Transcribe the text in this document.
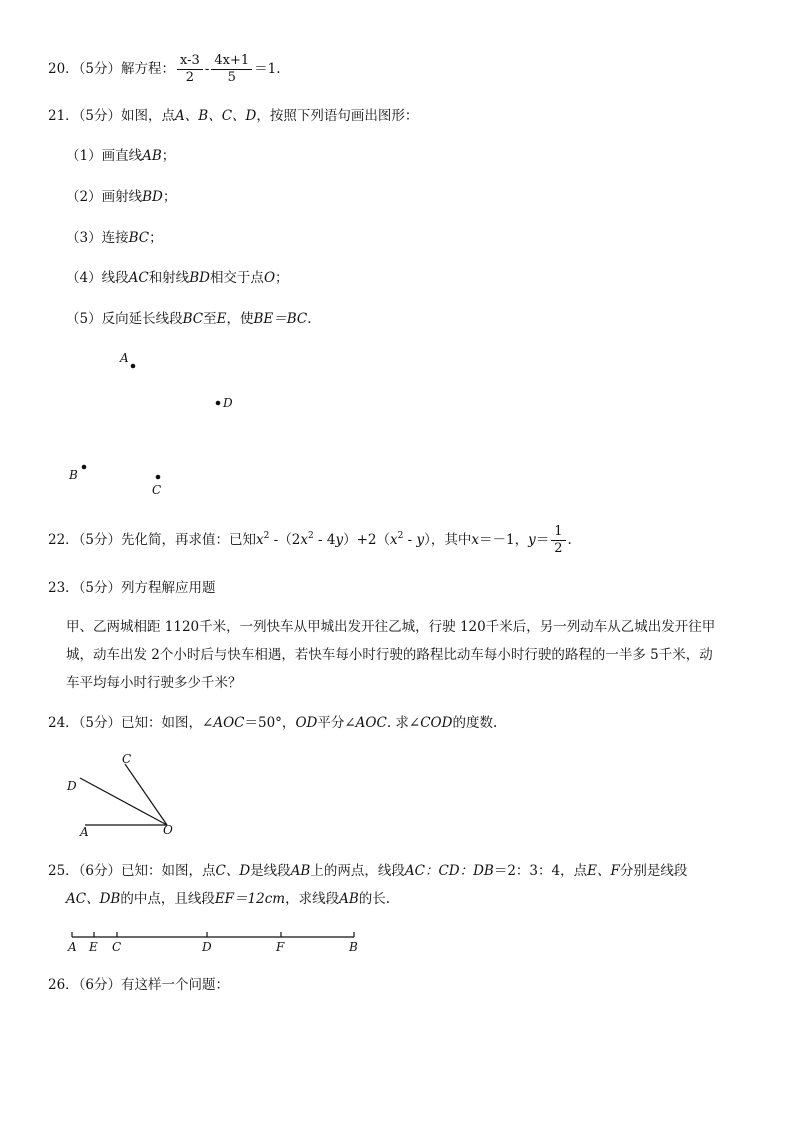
20．（5分）解方程： $\frac{x-3}{2} - \frac{4x+1}{5} =1$.
21．（5分）如图，点A、B、C、D，按照下列语句画出图形：
（1）画直线AB；
（2）画射线BD；
（3）连接BC；
（4）线段AC和射线BD相交于点O；
（5）反向延长线段BC至E，使BE＝BC.
A
D
B
C
22．（5分）先化简，再求值：已知$x^2$ $-(2x^2 - 4y)+2(x^2 - y)$，其中x＝－1，$y= \frac{1}{2}$ .
23．（5分）列方程解应用题
甲、乙两城相距 1120千米，一列快车从甲城出发开往乙城，行驶 120千米后，另一列动车从乙城出发开往甲
城，动车出发 2个小时后与快车相遇，若快车每小时行驶的路程比动车每小时行驶的路程的一半多 5千米，动
车平均每小时行驶多少千米？
24．（5分）已知：如图，∠AOC＝50°，OD平分∠AOC. 求∠COD的度数.
C
D
A	O
25．（6分）已知：如图，点C、D是线段AB上的两点，线段AC：CD：DB＝2：3：4，点E、F分别是线段
AC、DB的中点，且线段EF＝12cm，求线段AB的长.
A E C	D	F	B
26．（6分）有这样一个问题：
